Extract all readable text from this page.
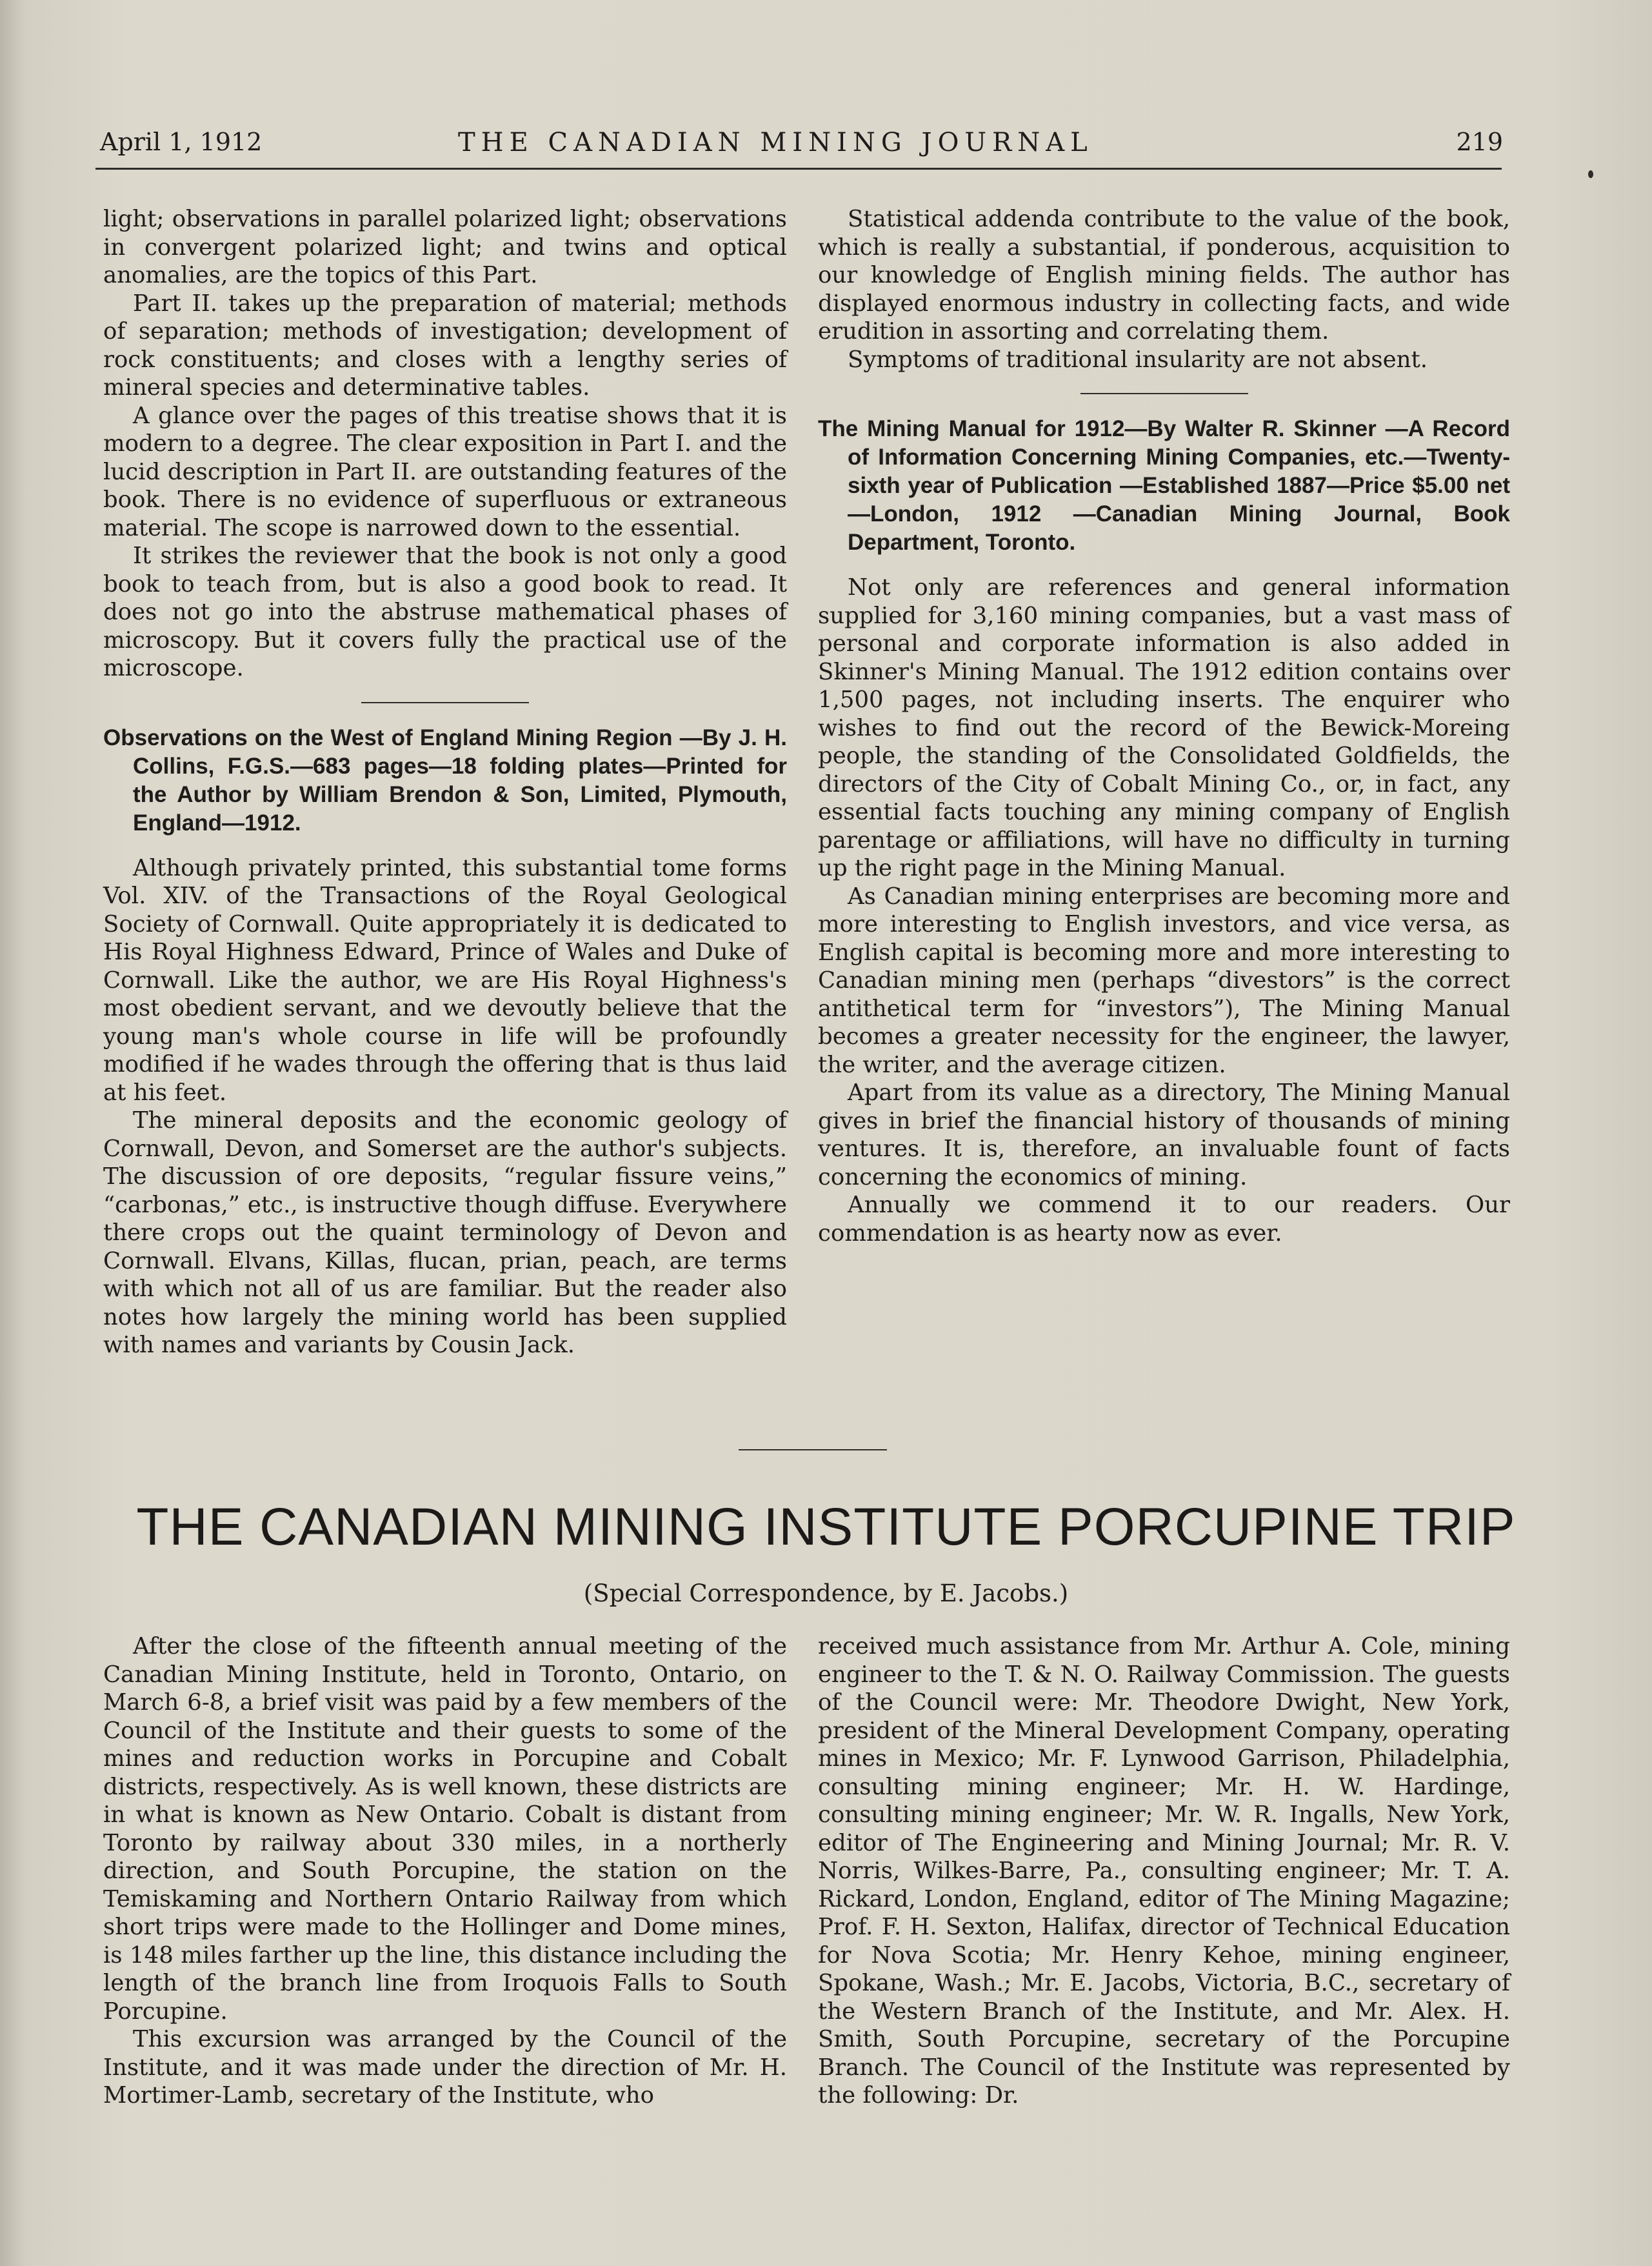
April 1, 1912	THE CANADIAN MINING JOURNAL	219

light; observations in parallel polarized light; observations in convergent polarized light; and twins and optical anomalies, are the topics of this Part.

Part II. takes up the preparation of material; methods of separation; methods of investigation; development of rock constituents; and closes with a lengthy series of mineral species and determinative tables.

A glance over the pages of this treatise shows that it is modern to a degree. The clear exposition in Part I. and the lucid description in Part II. are outstanding features of the book. There is no evidence of superfluous or extraneous material. The scope is narrowed down to the essential.

It strikes the reviewer that the book is not only a good book to teach from, but is also a good book to read. It does not go into the abstruse mathematical phases of microscopy. But it covers fully the practical use of the microscope.

Observations on the West of England Mining Region —By J. H. Collins, F.G.S.—683 pages—18 folding plates—Printed for the Author by William Brendon & Son, Limited, Plymouth, England—1912.

Although privately printed, this substantial tome forms Vol. XIV. of the Transactions of the Royal Geological Society of Cornwall. Quite appropriately it is dedicated to His Royal Highness Edward, Prince of Wales and Duke of Cornwall. Like the author, we are His Royal Highness's most obedient servant, and we devoutly believe that the young man's whole course in life will be profoundly modified if he wades through the offering that is thus laid at his feet.

The mineral deposits and the economic geology of Cornwall, Devon, and Somerset are the author's subjects. The discussion of ore deposits, “regular fissure veins,” “carbonas,” etc., is instructive though diffuse. Everywhere there crops out the quaint terminology of Devon and Cornwall. Elvans, Killas, flucan, prian, peach, are terms with which not all of us are familiar. But the reader also notes how largely the mining world has been supplied with names and variants by Cousin Jack.

Statistical addenda contribute to the value of the book, which is really a substantial, if ponderous, acquisition to our knowledge of English mining fields. The author has displayed enormous industry in collecting facts, and wide erudition in assorting and correlating them.

Symptoms of traditional insularity are not absent.

The Mining Manual for 1912—By Walter R. Skinner —A Record of Information Concerning Mining Companies, etc.—Twenty-sixth year of Publication —Established 1887—Price $5.00 net—London, 1912 —Canadian Mining Journal, Book Department, Toronto.

Not only are references and general information supplied for 3,160 mining companies, but a vast mass of personal and corporate information is also added in Skinner's Mining Manual. The 1912 edition contains over 1,500 pages, not including inserts. The enquirer who wishes to find out the record of the Bewick-Moreing people, the standing of the Consolidated Goldfields, the directors of the City of Cobalt Mining Co., or, in fact, any essential facts touching any mining company of English parentage or affiliations, will have no difficulty in turning up the right page in the Mining Manual.

As Canadian mining enterprises are becoming more and more interesting to English investors, and vice versa, as English capital is becoming more and more interesting to Canadian mining men (perhaps “divestors” is the correct antithetical term for “investors”), The Mining Manual becomes a greater necessity for the engineer, the lawyer, the writer, and the average citizen.

Apart from its value as a directory, The Mining Manual gives in brief the financial history of thousands of mining ventures. It is, therefore, an invaluable fount of facts concerning the economics of mining.

Annually we commend it to our readers. Our commendation is as hearty now as ever.

THE CANADIAN MINING INSTITUTE PORCUPINE TRIP
(Special Correspondence, by E. Jacobs.)

After the close of the fifteenth annual meeting of the Canadian Mining Institute, held in Toronto, Ontario, on March 6-8, a brief visit was paid by a few members of the Council of the Institute and their guests to some of the mines and reduction works in Porcupine and Cobalt districts, respectively. As is well known, these districts are in what is known as New Ontario. Cobalt is distant from Toronto by railway about 330 miles, in a northerly direction, and South Porcupine, the station on the Temiskaming and Northern Ontario Railway from which short trips were made to the Hollinger and Dome mines, is 148 miles farther up the line, this distance including the length of the branch line from Iroquois Falls to South Porcupine.

This excursion was arranged by the Council of the Institute, and it was made under the direction of Mr. H. Mortimer-Lamb, secretary of the Institute, who

received much assistance from Mr. Arthur A. Cole, mining engineer to the T. & N. O. Railway Commission. The guests of the Council were: Mr. Theodore Dwight, New York, president of the Mineral Development Company, operating mines in Mexico; Mr. F. Lynwood Garrison, Philadelphia, consulting mining engineer; Mr. H. W. Hardinge, consulting mining engineer; Mr. W. R. Ingalls, New York, editor of The Engineering and Mining Journal; Mr. R. V. Norris, Wilkes-Barre, Pa., consulting engineer; Mr. T. A. Rickard, London, England, editor of The Mining Magazine; Prof. F. H. Sexton, Halifax, director of Technical Education for Nova Scotia; Mr. Henry Kehoe, mining engineer, Spokane, Wash.; Mr. E. Jacobs, Victoria, B.C., secretary of the Western Branch of the Institute, and Mr. Alex. H. Smith, South Porcupine, secretary of the Porcupine Branch. The Council of the Institute was represented by the following: Dr.
